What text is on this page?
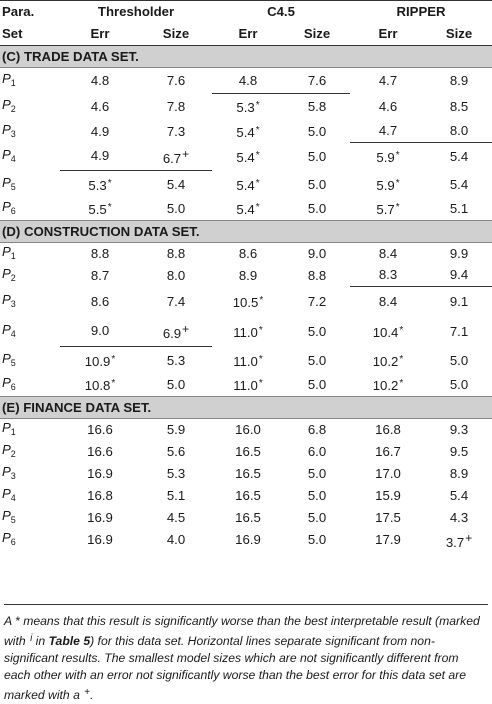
Para.	Thresholder		C4.5		RIPPER	
Set	Err	Size	Err	Size	Err	Size
(C) TRADE DATA SET.						
$P_1$	4.8	7.6	4.8	7.6	4.7	8.9
$P_2$	4.6	7.8	5.3*	5.8	4.6	8.5
$P_3$	4.9	7.3	5.4*	5.0	4.7	8.0
$P_4$	4.9	6.7+	5.4*	5.0	5.9*	5.4
$P_5$	5.3*	5.4	5.4*	5.0	5.9*	5.4
$P_6$	5.5*	5.0	5.4*	5.0	5.7*	5.1
(D) CONSTRUCTION DATA SET.						
$P_1$	8.8	8.8	8.6	9.0	8.4	9.9
$P_2$	8.7	8.0	8.9	8.8	8.3	9.4
$P_3$	8.6	7.4	10.5*	7.2	8.4	9.1
$P_4$	9.0	6.9+	11.0*	5.0	10.4*	7.1
$P_5$	10.9*	5.3	11.0*	5.0	10.2*	5.0
$P_6$	10.8*	5.0	11.0*	5.0	10.2*	5.0
(E) FINANCE DATA SET.						
$P_1$	16.6	5.9	16.0	6.8	16.8	9.3
$P_2$	16.6	5.6	16.5	6.0	16.7	9.5
$P_3$	16.9	5.3	16.5	5.0	17.0	8.9
$P_4$	16.8	5.1	16.5	5.0	15.9	5.4
$P_5$	16.9	4.5	16.5	5.0	17.5	4.3
$P_6$	16.9	4.0	16.9	5.0	17.9	3.7+
A * means that this result is significantly worse than the best interpretable result (marked with $^i$ in Table 5) for this data set. Horizontal lines separate significant from non-significant results. The smallest model sizes which are not significantly different from each other with an error not significantly worse than the best error for this data set are marked with a +.
